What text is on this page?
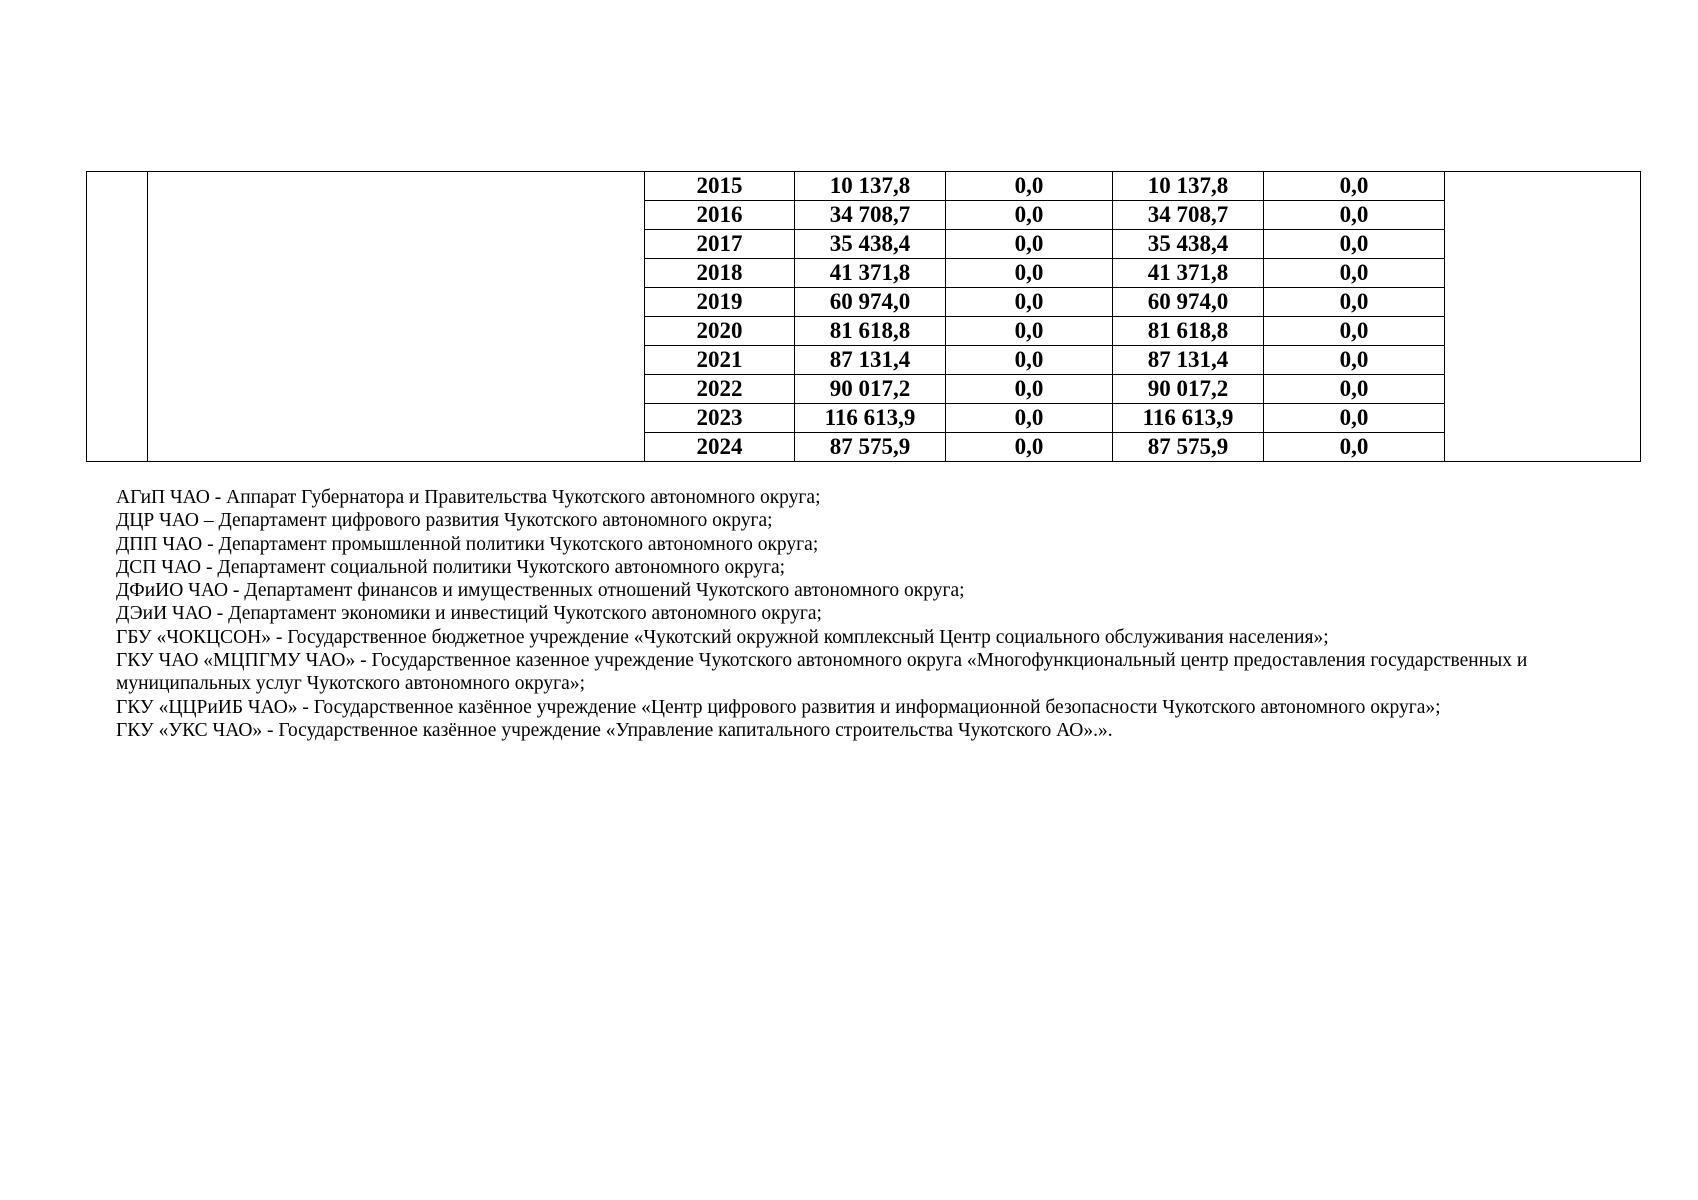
		2015	10 137,8	0,0	10 137,8	0,0	
		2016	34 708,7	0,0	34 708,7	0,0	
		2017	35 438,4	0,0	35 438,4	0,0	
		2018	41 371,8	0,0	41 371,8	0,0	
		2019	60 974,0	0,0	60 974,0	0,0	
		2020	81 618,8	0,0	81 618,8	0,0	
		2021	87 131,4	0,0	87 131,4	0,0	
		2022	90 017,2	0,0	90 017,2	0,0	
		2023	116 613,9	0,0	116 613,9	0,0	
		2024	87 575,9	0,0	87 575,9	0,0	

АГиП ЧАО - Аппарат Губернатора и Правительства Чукотского автономного округа;

ДЦР ЧАО – Департамент цифрового развития Чукотского автономного округа;

ДПП ЧАО - Департамент промышленной политики Чукотского автономного округа;

ДСП ЧАО - Департамент социальной политики Чукотского автономного округа;

ДФиИО ЧАО - Департамент финансов и имущественных отношений Чукотского автономного округа;

ДЭиИ ЧАО - Департамент экономики и инвестиций Чукотского автономного округа;

ГБУ «ЧОКЦСОН» - Государственное бюджетное учреждение «Чукотский окружной комплексный Центр социального обслуживания населения»;

ГКУ ЧАО «МЦПГМУ ЧАО» - Государственное казенное учреждение Чукотского автономного округа «Многофункциональный центр предоставления государственных и муниципальных услуг Чукотского автономного округа»;

ГКУ «ЦЦРиИБ ЧАО» - Государственное казённое учреждение «Центр цифрового развития и информационной безопасности Чукотского автономного округа»;

ГКУ «УКС ЧАО» - Государственное казённое учреждение «Управление капитального строительства Чукотского АО».».
